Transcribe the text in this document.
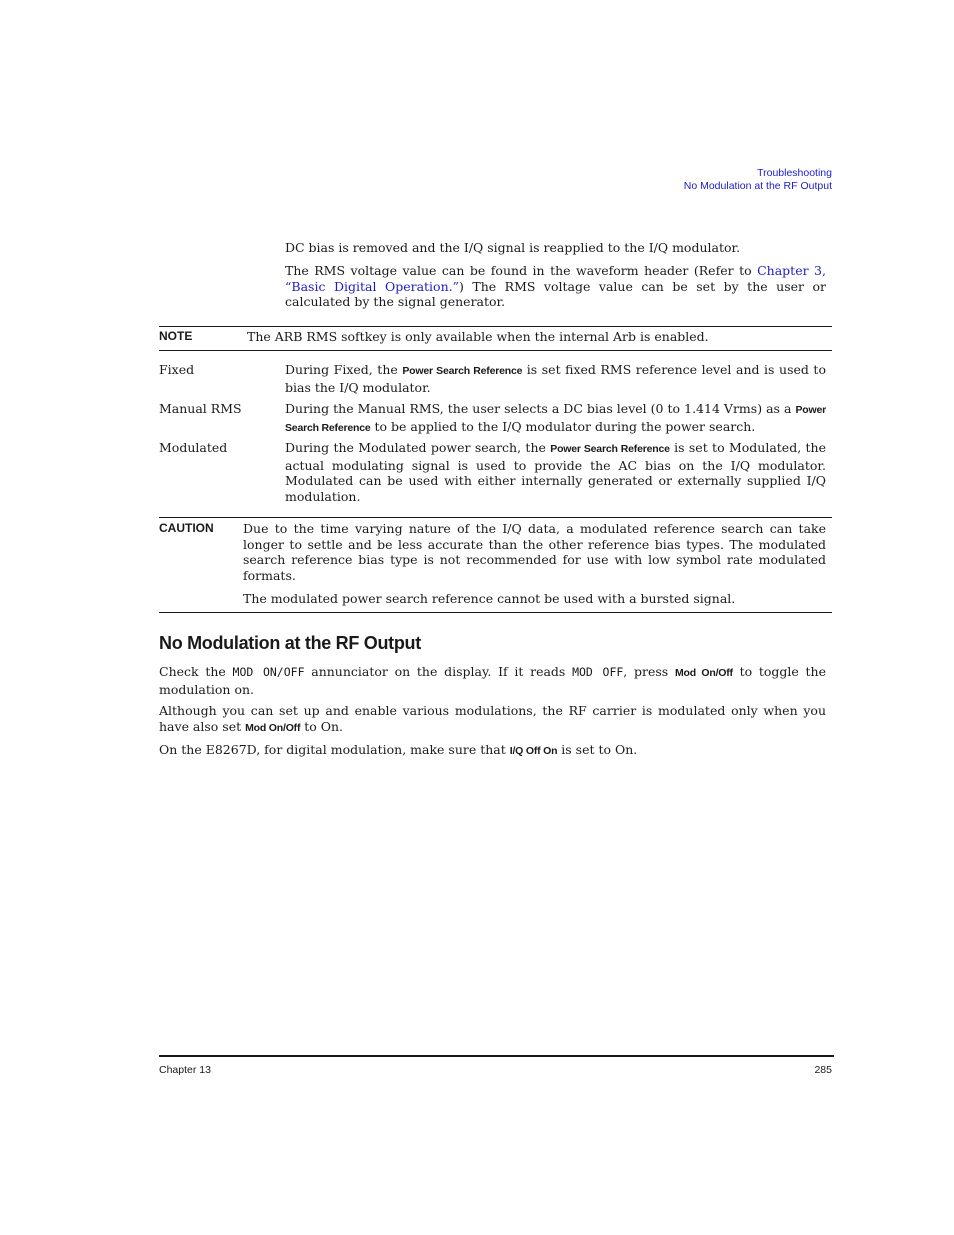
Troubleshooting
No Modulation at the RF Output
DC bias is removed and the I/Q signal is reapplied to the I/Q modulator.
The RMS voltage value can be found in the waveform header (Refer to Chapter 3, “Basic Digital Operation.”) The RMS voltage value can be set by the user or calculated by the signal generator.
NOTE	The ARB RMS softkey is only available when the internal Arb is enabled.
Fixed	During Fixed, the Power Search Reference is set fixed RMS reference level and is used to bias the I/Q modulator.
Manual RMS	During the Manual RMS, the user selects a DC bias level (0 to 1.414 Vrms) as a Power Search Reference to be applied to the I/Q modulator during the power search.
Modulated	During the Modulated power search, the Power Search Reference is set to Modulated, the actual modulating signal is used to provide the AC bias on the I/Q modulator. Modulated can be used with either internally generated or externally supplied I/Q modulation.
CAUTION Due to the time varying nature of the I/Q data, a modulated reference search can take longer to settle and be less accurate than the other reference bias types. The modulated search reference bias type is not recommended for use with low symbol rate modulated formats.
The modulated power search reference cannot be used with a bursted signal.
No Modulation at the RF Output
Check the MOD ON/OFF annunciator on the display. If it reads MOD OFF, press Mod On/Off to toggle the modulation on.
Although you can set up and enable various modulations, the RF carrier is modulated only when you have also set Mod On/Off to On.
On the E8267D, for digital modulation, make sure that I/Q Off On is set to On.
Chapter 13	285
